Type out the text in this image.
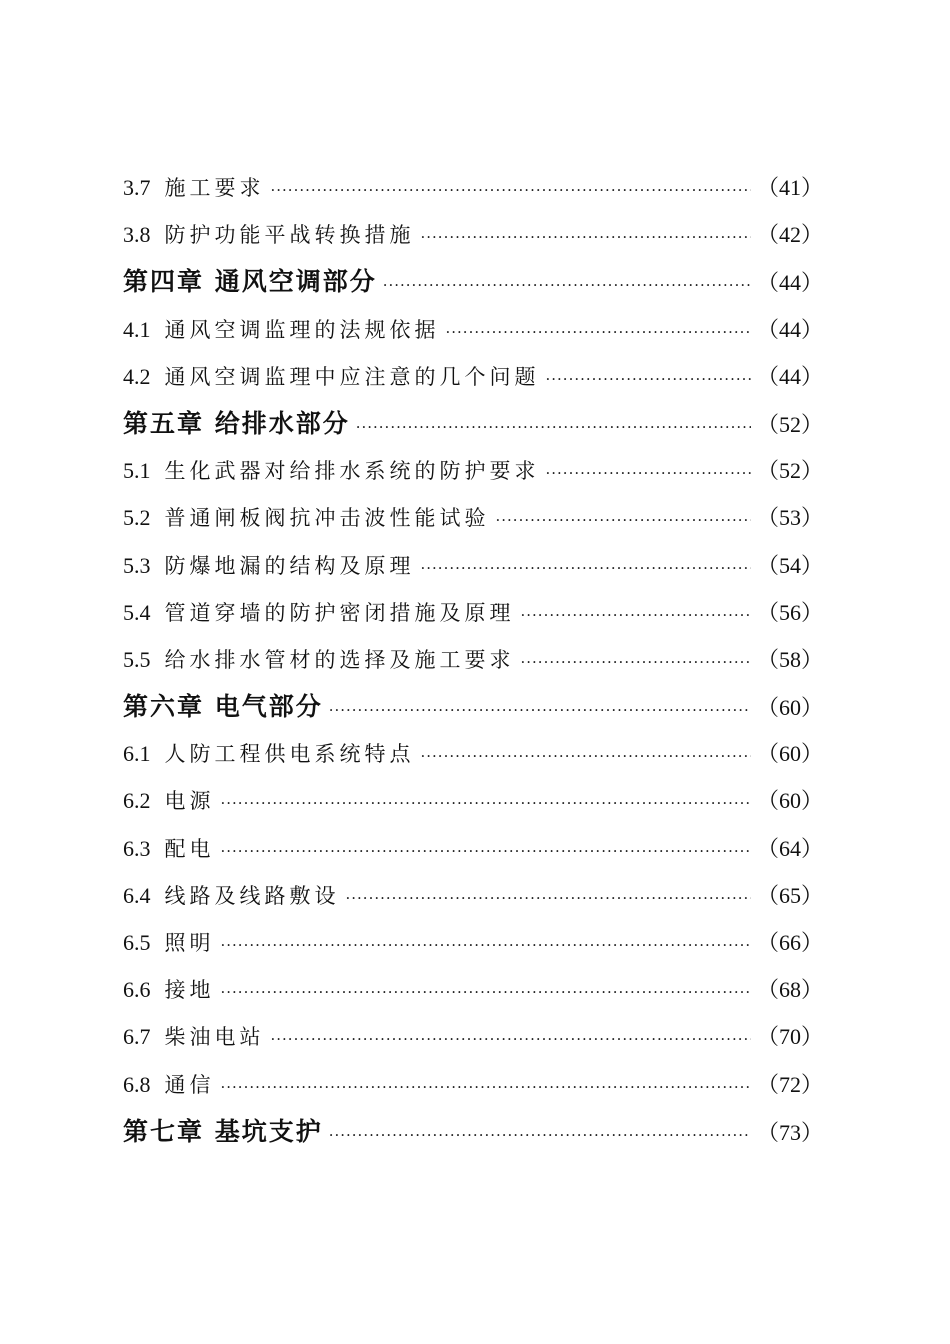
3.7 施工要求 ·····	（41）
3.8 防护功能平战转换措施 ·····	（42）
第四章 通风空调部分 ·····	（44）
4.1 通风空调监理的法规依据 ·····	（44）
4.2 通风空调监理中应注意的几个问题 ·····	（44）
第五章 给排水部分 ·····	（52）
5.1 生化武器对给排水系统的防护要求 ·····	（52）
5.2 普通闸板阀抗冲击波性能试验 ·····	（53）
5.3 防爆地漏的结构及原理 ·····	（54）
5.4 管道穿墙的防护密闭措施及原理 ·····	（56）
5.5 给水排水管材的选择及施工要求 ·····	（58）
第六章 电气部分 ·····	（60）
6.1 人防工程供电系统特点 ·····	（60）
6.2 电源 ·····	（60）
6.3 配电 ·····	（64）
6.4 线路及线路敷设 ·····	（65）
6.5 照明 ·····	（66）
6.6 接地 ·····	（68）
6.7 柴油电站 ·····	（70）
6.8 通信 ·····	（72）
第七章 基坑支护 ·····	（73）
